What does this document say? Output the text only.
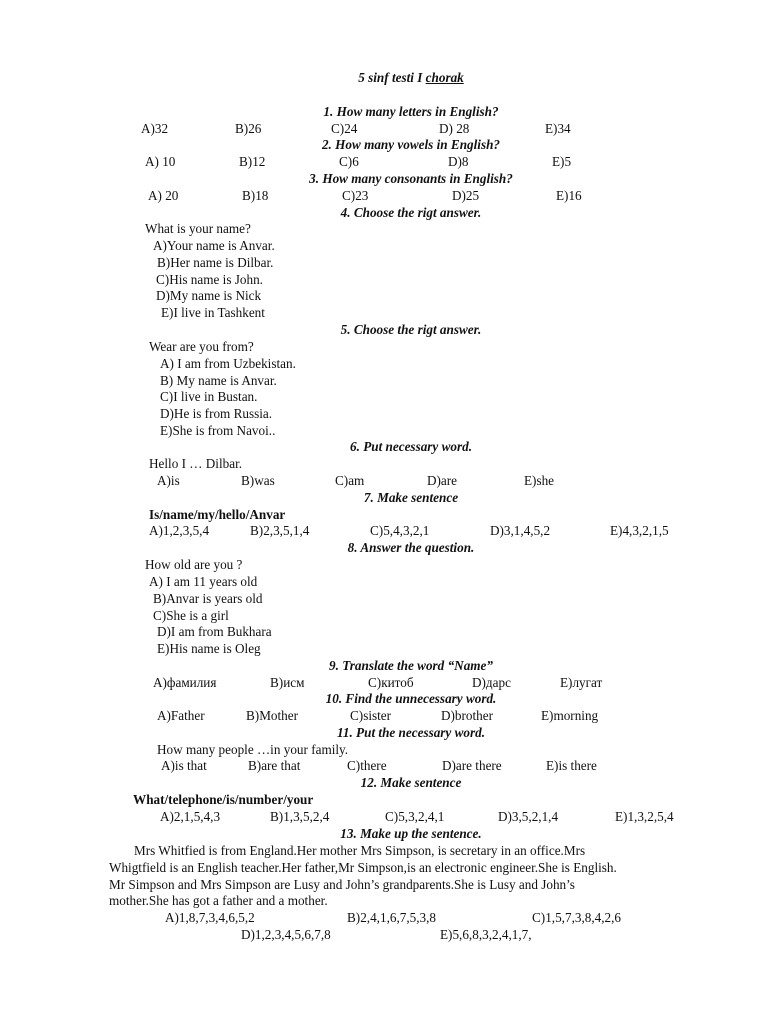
5 sinf testi I chorak
1. How many letters in English?
A)32	B)26	C)24	D) 28	E)34
2. How many vowels in English?
A) 10	B)12	C)6	D)8	E)5
3. How many consonants in English?
A) 20	B)18	C)23	D)25	E)16
4. Choose the rigt answer.
What is your name?
A)Your name is Anvar.
B)Her name is Dilbar.
C)His name is John.
D)My name is Nick
E)I live in Tashkent
5. Choose the rigt answer.
Wear are you from?
A) I am from Uzbekistan.
B) My name is Anvar.
C)I live in Bustan.
D)He is from Russia.
E)She is from Navoi..
6. Put necessary word.
Hello I … Dilbar.
A)is	B)was	C)am	D)are	E)she
7. Make sentence
Is/name/my/hello/Anvar
A)1,2,3,5,4	B)2,3,5,1,4	C)5,4,3,2,1	D)3,1,4,5,2	E)4,3,2,1,5
8. Answer the question.
How old are you ?
A) I am 11 years old
B)Anvar is years old
C)She is a girl
D)I am from Bukhara
E)His name is Oleg
9. Translate the word “Name”
A)фамилия	B)исм	C)китоб	D)дарс	E)лугат
10. Find the unnecessary word.
A)Father	B)Mother	C)sister	D)brother	E)morning
11. Put the necessary word.
How many people …in your family.
A)is that	B)are that	C)there	D)are there	E)is there
12. Make sentence
What/telephone/is/number/your
A)2,1,5,4,3	B)1,3,5,2,4	C)5,3,2,4,1	D)3,5,2,1,4	E)1,3,2,5,4
13. Make up the sentence.
Mrs Whitfied is from England.Her mother Mrs Simpson, is secretary in an office.Mrs
Whigtfield is an English teacher.Her father,Mr Simpson,is an electronic engineer.She is English.
Mr Simpson and Mrs Simpson are Lusy and John’s grandparents.She is Lusy and John’s
mother.She has got a father and a mother.
A)1,8,7,3,4,6,5,2	B)2,4,1,6,7,5,3,8	C)1,5,7,3,8,4,2,6
D)1,2,3,4,5,6,7,8	E)5,6,8,3,2,4,1,7,
